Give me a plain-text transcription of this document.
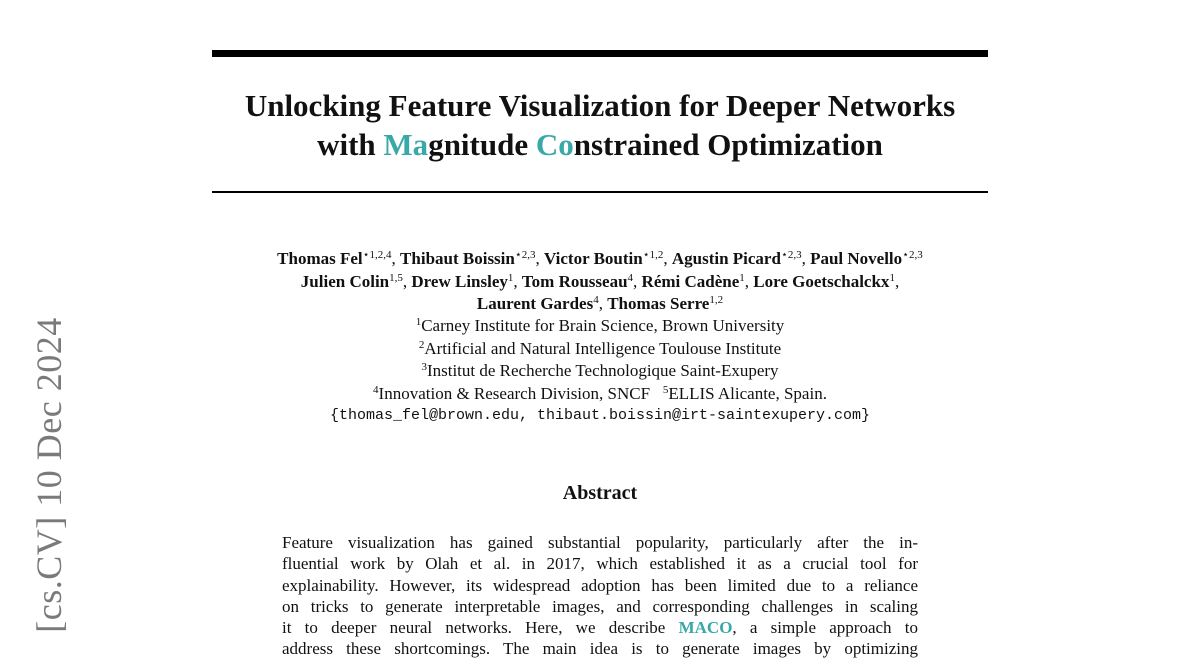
[cs.CV] 10 Dec 2024
Unlocking Feature Visualization for Deeper Networks
with Magnitude Constrained Optimization
Thomas Fel$^{⋆1,2,4}$, Thibaut Boissin$^{⋆2,3}$, Victor Boutin$^{⋆1,2}$, Agustin Picard$^{⋆2,3}$, Paul Novello$^{⋆2,3}$
Julien Colin$^{1,5}$, Drew Linsley$^1$, Tom Rousseau$^4$, Rémi Cadène$^1$, Lore Goetschalckx$^1$,
Laurent Gardes$^4$, Thomas Serre$^{1,2}$
$^1$Carney Institute for Brain Science, Brown University
$^2$Artificial and Natural Intelligence Toulouse Institute
$^3$Institut de Recherche Technologique Saint-Exupery
$^4$Innovation & Research Division, SNCF $^5$ELLIS Alicante, Spain.
{thomas_fel@brown.edu, thibaut.boissin@irt-saintexupery.com}
Abstract
Feature visualization has gained substantial popularity, particularly after the in-
fluential work by Olah et al. in 2017, which established it as a crucial tool for
explainability. However, its widespread adoption has been limited due to a reliance
on tricks to generate interpretable images, and corresponding challenges in scaling
it to deeper neural networks. Here, we describe MACO, a simple approach to
address these shortcomings. The main idea is to generate images by optimizing
